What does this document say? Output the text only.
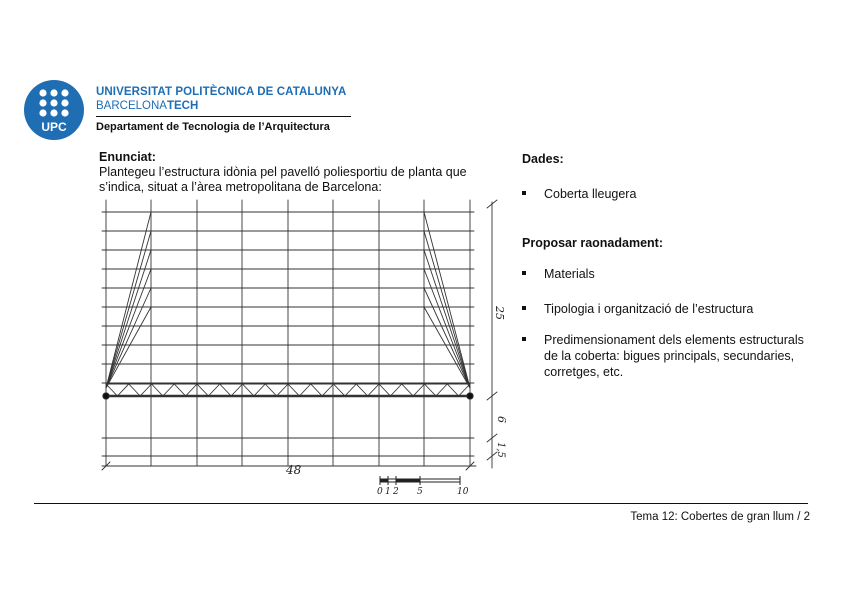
UPC
UNIVERSITAT POLITÈCNICA DE CATALUNYA
BARCELONATECH
Departament de Tecnologia de l’Arquitectura
Enunciat:
Plantegeu l’estructura idònia pel pavelló poliesportiu de planta que s’indica, situat a l’àrea metropolitana de Barcelona:
25
6
1,5
48
0 1 2 5	10
Dades:
Coberta lleugera
Proposar raonadament:
Materials
Tipologia i organització de l’estructura
Predimensionament dels elements estructurals de la coberta: bigues principals, secundaries, corretges, etc.
Tema 12: Cobertes de gran llum / 2
